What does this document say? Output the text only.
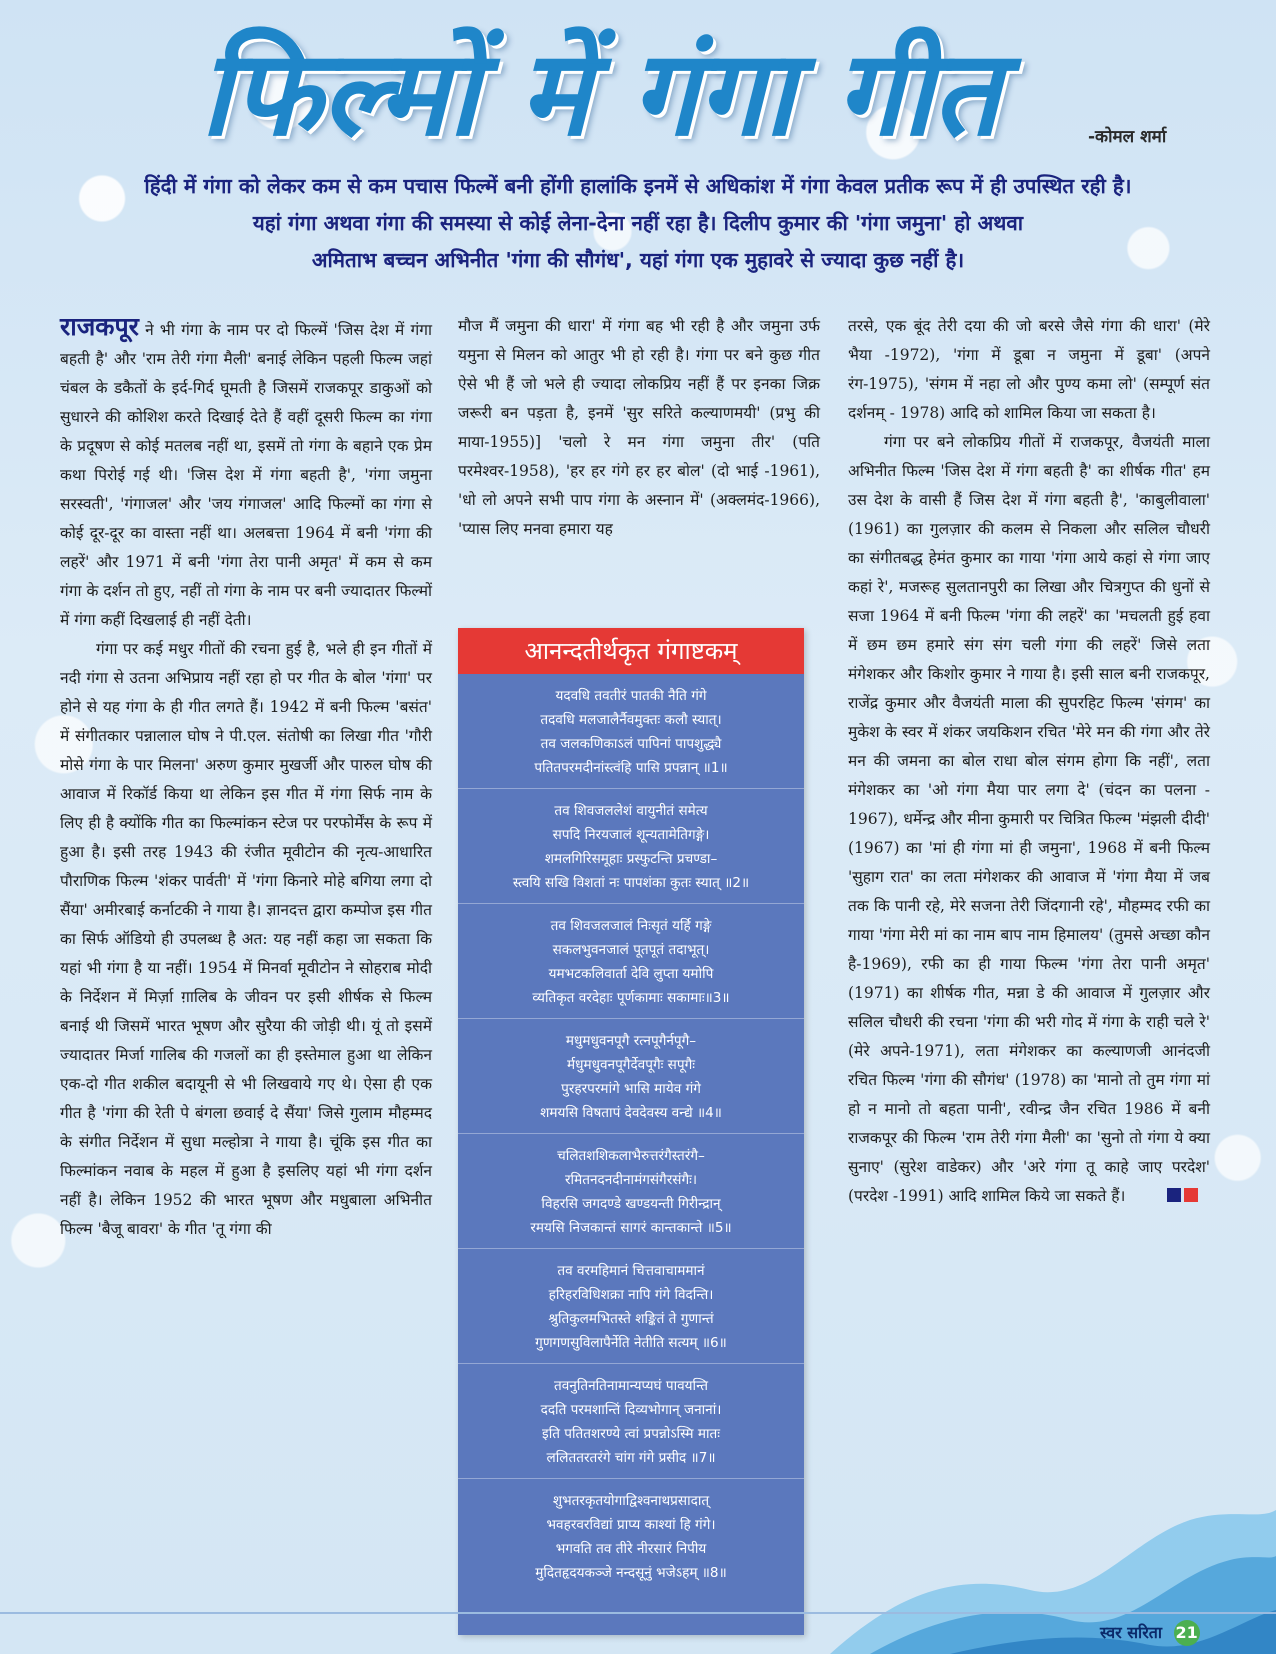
फिल्मों में गंगा गीत	-कोमल शर्मा
हिंदी में गंगा को लेकर कम से कम पचास फिल्में बनी होंगी हालांकि इनमें से अधिकांश में गंगा केवल प्रतीक रूप में ही उपस्थित रही है।
यहां गंगा अथवा गंगा की समस्या से कोई लेना-देना नहीं रहा है। दिलीप कुमार की 'गंगा जमुना' हो अथवा
अमिताभ बच्चन अभिनीत 'गंगा की सौगंध', यहां गंगा एक मुहावरे से ज्यादा कुछ नहीं है।

राजकपूर ने भी गंगा के नाम पर दो फिल्में 'जिस देश में गंगा बहती है' और 'राम तेरी गंगा मैली' बनाई लेकिन पहली फिल्म जहां चंबल के डकैतों के इर्द-गिर्द घूमती है जिसमें राजकपूर डाकुओं को सुधारने की कोशिश करते दिखाई देते हैं वहीं दूसरी फिल्म का गंगा के प्रदूषण से कोई मतलब नहीं था, इसमें तो गंगा के बहाने एक प्रेम कथा पिरोई गई थी। 'जिस देश में गंगा बहती है', 'गंगा जमुना सरस्वती', 'गंगाजल' और 'जय गंगाजल' आदि फिल्मों का गंगा से कोई दूर-दूर का वास्ता नहीं था। अलबत्ता 1964 में बनी 'गंगा की लहरें' और 1971 में बनी 'गंगा तेरा पानी अमृत' में कम से कम गंगा के दर्शन तो हुए, नहीं तो गंगा के नाम पर बनी ज्यादातर फिल्मों में गंगा कहीं दिखलाई ही नहीं देती।

गंगा पर कई मधुर गीतों की रचना हुई है, भले ही इन गीतों में नदी गंगा से उतना अभिप्राय नहीं रहा हो पर गीत के बोल 'गंगा' पर होने से यह गंगा के ही गीत लगते हैं। 1942 में बनी फिल्म 'बसंत' में संगीतकार पन्नालाल घोष ने पी.एल. संतोषी का लिखा गीत 'गौरी मोसे गंगा के पार मिलना' अरुण कुमार मुखर्जी और पारुल घोष की आवाज में रिकॉर्ड किया था लेकिन इस गीत में गंगा सिर्फ नाम के लिए ही है क्योंकि गीत का फिल्मांकन स्टेज पर परफोर्मेंस के रूप में हुआ है। इसी तरह 1943 की रंजीत मूवीटोन की नृत्य-आधारित पौराणिक फिल्म 'शंकर पार्वती' में 'गंगा किनारे मोहे बगिया लगा दो सैंया' अमीरबाई कर्नाटकी ने गाया है। ज्ञानदत्त द्वारा कम्पोज इस गीत का सिर्फ ऑडियो ही उपलब्ध है अत: यह नहीं कहा जा सकता कि यहां भी गंगा है या नहीं। 1954 में मिनर्वा मूवीटोन ने सोहराब मोदी के निर्देशन में मिर्ज़ा ग़ालिब के जीवन पर इसी शीर्षक से फिल्म बनाई थी जिसमें भारत भूषण और सुरैया की जोड़ी थी। यूं तो इसमें ज्यादातर मिर्जा गालिब की गजलों का ही इस्तेमाल हुआ था लेकिन एक-दो गीत शकील बदायूनी से भी लिखवाये गए थे। ऐसा ही एक गीत है 'गंगा की रेती पे बंगला छवाई दे सैंया' जिसे गुलाम मौहम्मद के संगीत निर्देशन में सुधा मल्होत्रा ने गाया है। चूंकि इस गीत का फिल्मांकन नवाब के महल में हुआ है इसलिए यहां भी गंगा दर्शन नहीं है। लेकिन 1952 की भारत भूषण और मधुबाला अभिनीत फिल्म 'बैजू बावरा' के गीत 'तू गंगा की

मौज मैं जमुना की धारा' में गंगा बह भी रही है और जमुना उर्फ यमुना से मिलन को आतुर भी हो रही है। गंगा पर बने कुछ गीत ऐसे भी हैं जो भले ही ज्यादा लोकप्रिय नहीं हैं पर इनका जिक्र जरूरी बन पड़ता है, इनमें 'सुर सरिते कल्याणमयी' (प्रभु की माया-1955)] 'चलो रे मन गंगा जमुना तीर' (पति परमेश्वर-1958), 'हर हर गंगे हर हर बोल' (दो भाई -1961), 'धो लो अपने सभी पाप गंगा के अस्नान में' (अक्लमंद-1966), 'प्यास लिए मनवा हमारा यह

आनन्दतीर्थकृत गंगाष्टकम्
यदवधि तवतीरं पातकी नैति गंगे
तदवधि मलजालैर्नैवमुक्तः कलौ स्यात्।
तव जलकणिकाऽलं पापिनां पापशुद्ध्यै
पतितपरमदीनांस्त्वंहि पासि प्रपन्नान् ॥1॥
तव शिवजललेशं वायुनीतं समेत्य
सपदि निरयजालं शून्यतामेतिगङ्गे।
शमलगिरिसमूहाः प्रस्फुटन्ति प्रचण्डा–
स्त्वयि सखि विशतां नः पापशंका कुतः स्यात् ॥2॥
तव शिवजलजालं निःसृतं यर्हि गङ्गे
सकलभुवनजालं पूतपूतं तदाभूत्।
यमभटकलिवार्ता देवि लुप्ता यमोपि
व्यतिकृत वरदेहाः पूर्णकामाः सकामाः॥3॥
मधुमधुवनपूगै रत्नपूगैर्नपूगै–
र्मधुमधुवनपूगैर्देवपूगैः सपूगैः
पुरहरपरमांगे भासि मायेव गंगे
शमयसि विषतापं देवदेवस्य वन्द्ये ॥4॥
चलितशशिकलाभैरुत्तरंगैस्तरंगै–
रमितनदनदीनामंगसंगैरसंगैः।
विहरसि जगदण्डे खण्डयन्ती गिरीन्द्रान्
रमयसि निजकान्तं सागरं कान्तकान्ते ॥5॥
तव वरमहिमानं चित्तवाचाममानं
हरिहरविधिशक्रा नापि गंगे विदन्ति।
श्रुतिकुलमभितस्ते शङ्कितं ते गुणान्तं
गुणगणसुविलापैर्नेति नेतीति सत्यम् ॥6॥
तवनुतिनतिनामान्यप्यघं पावयन्ति
ददति परमशान्तिं दिव्यभोगान् जनानां।
इति पतितशरण्ये त्वां प्रपन्नोऽस्मि मातः
ललिततरतरंगे चांग गंगे प्रसीद ॥7॥
शुभतरकृतयोगाद्विश्वनाथप्रसादात्
भवहरवरविद्यां प्राप्य काश्यां हि गंगे।
भगवति तव तीरे नीरसारं निपीय
मुदितहृदयकञ्जे नन्दसूनुं भजेऽहम् ॥8॥

तरसे, एक बूंद तेरी दया की जो बरसे जैसे गंगा की धारा' (मेरे भैया -1972), 'गंगा में डूबा न जमुना में डूबा' (अपने रंग-1975), 'संगम में नहा लो और पुण्य कमा लो' (सम्पूर्ण संत दर्शनम् - 1978) आदि को शामिल किया जा सकता है।

गंगा पर बने लोकप्रिय गीतों में राजकपूर, वैजयंती माला अभिनीत फिल्म 'जिस देश में गंगा बहती है' का शीर्षक गीत' हम उस देश के वासी हैं जिस देश में गंगा बहती है', 'काबुलीवाला' (1961) का गुलज़ार की कलम से निकला और सलिल चौधरी का संगीतबद्ध हेमंत कुमार का गाया 'गंगा आये कहां से गंगा जाए कहां रे', मजरूह सुलतानपुरी का लिखा और चित्रगुप्त की धुनों से सजा 1964 में बनी फिल्म 'गंगा की लहरें' का 'मचलती हुई हवा में छम छम हमारे संग संग चली गंगा की लहरें' जिसे लता मंगेशकर और किशोर कुमार ने गाया है। इसी साल बनी राजकपूर, राजेंद्र कुमार और वैजयंती माला की सुपरहिट फिल्म 'संगम' का मुकेश के स्वर में शंकर जयकिशन रचित 'मेरे मन की गंगा और तेरे मन की जमना का बोल राधा बोल संगम होगा कि नहीं', लता मंगेशकर का 'ओ गंगा मैया पार लगा दे' (चंदन का पलना - 1967), धर्मेन्द्र और मीना कुमारी पर चित्रित फिल्म 'मंझली दीदी' (1967) का 'मां ही गंगा मां ही जमुना', 1968 में बनी फिल्म 'सुहाग रात' का लता मंगेशकर की आवाज में 'गंगा मैया में जब तक कि पानी रहे, मेरे सजना तेरी जिंदगानी रहे', मौहम्मद रफी का गाया 'गंगा मेरी मां का नाम बाप नाम हिमालय' (तुमसे अच्छा कौन है-1969), रफी का ही गाया फिल्म 'गंगा तेरा पानी अमृत' (1971) का शीर्षक गीत, मन्ना डे की आवाज में गुलज़ार और सलिल चौधरी की रचना 'गंगा की भरी गोद में गंगा के राही चले रे' (मेरे अपने-1971), लता मंगेशकर का कल्याणजी आनंदजी रचित फिल्म 'गंगा की सौगंध' (1978) का 'मानो तो तुम गंगा मां हो न मानो तो बहता पानी', रवीन्द्र जैन रचित 1986 में बनी राजकपूर की फिल्म 'राम तेरी गंगा मैली' का 'सुनो तो गंगा ये क्या सुनाए' (सुरेश वाडेकर) और 'अरे गंगा तू काहे जाए परदेश' (परदेश -1991) आदि शामिल किये जा सकते हैं।

स्वर सरिता 21
